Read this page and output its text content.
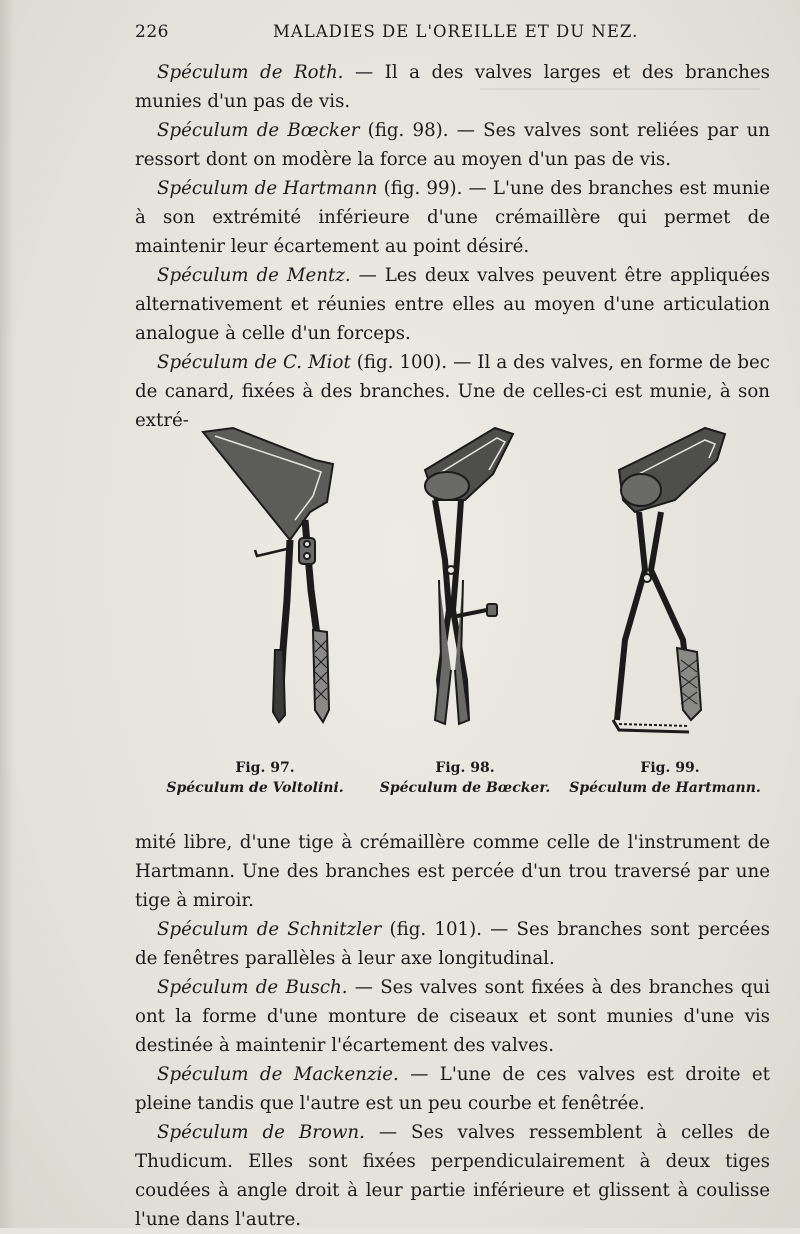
226	MALADIES DE L'OREILLE ET DU NEZ.

Spéculum de Roth. — Il a des valves larges et des branches munies d'un pas de vis.

Spéculum de Bœcker (fig. 98). — Ses valves sont reliées par un ressort dont on modère la force au moyen d'un pas de vis.

Spéculum de Hartmann (fig. 99). — L'une des branches est munie à son extrémité inférieure d'une crémaillère qui permet de maintenir leur écartement au point désiré.

Spéculum de Mentz. — Les deux valves peuvent être appliquées alternativement et réunies entre elles au moyen d'une articulation analogue à celle d'un forceps.

Spéculum de C. Miot (fig. 100). — Il a des valves, en forme de bec de canard, fixées à des branches. Une de celles-ci est munie, à son extré-

Fig. 97.
Spéculum de Voltolini.
Fig. 98.
Spéculum de Bœcker.
Fig. 99.
Spéculum de Hartmann.

mité libre, d'une tige à crémaillère comme celle de l'instrument de Hartmann. Une des branches est percée d'un trou traversé par une tige à miroir.

Spéculum de Schnitzler (fig. 101). — Ses branches sont percées de fenêtres parallèles à leur axe longitudinal.

Spéculum de Busch. — Ses valves sont fixées à des branches qui ont la forme d'une monture de ciseaux et sont munies d'une vis destinée à maintenir l'écartement des valves.

Spéculum de Mackenzie. — L'une de ces valves est droite et pleine tandis que l'autre est un peu courbe et fenêtrée.

Spéculum de Brown. — Ses valves ressemblent à celles de Thudicum. Elles sont fixées perpendiculairement à deux tiges coudées à angle droit à leur partie inférieure et glissent à coulisse l'une dans l'autre.
